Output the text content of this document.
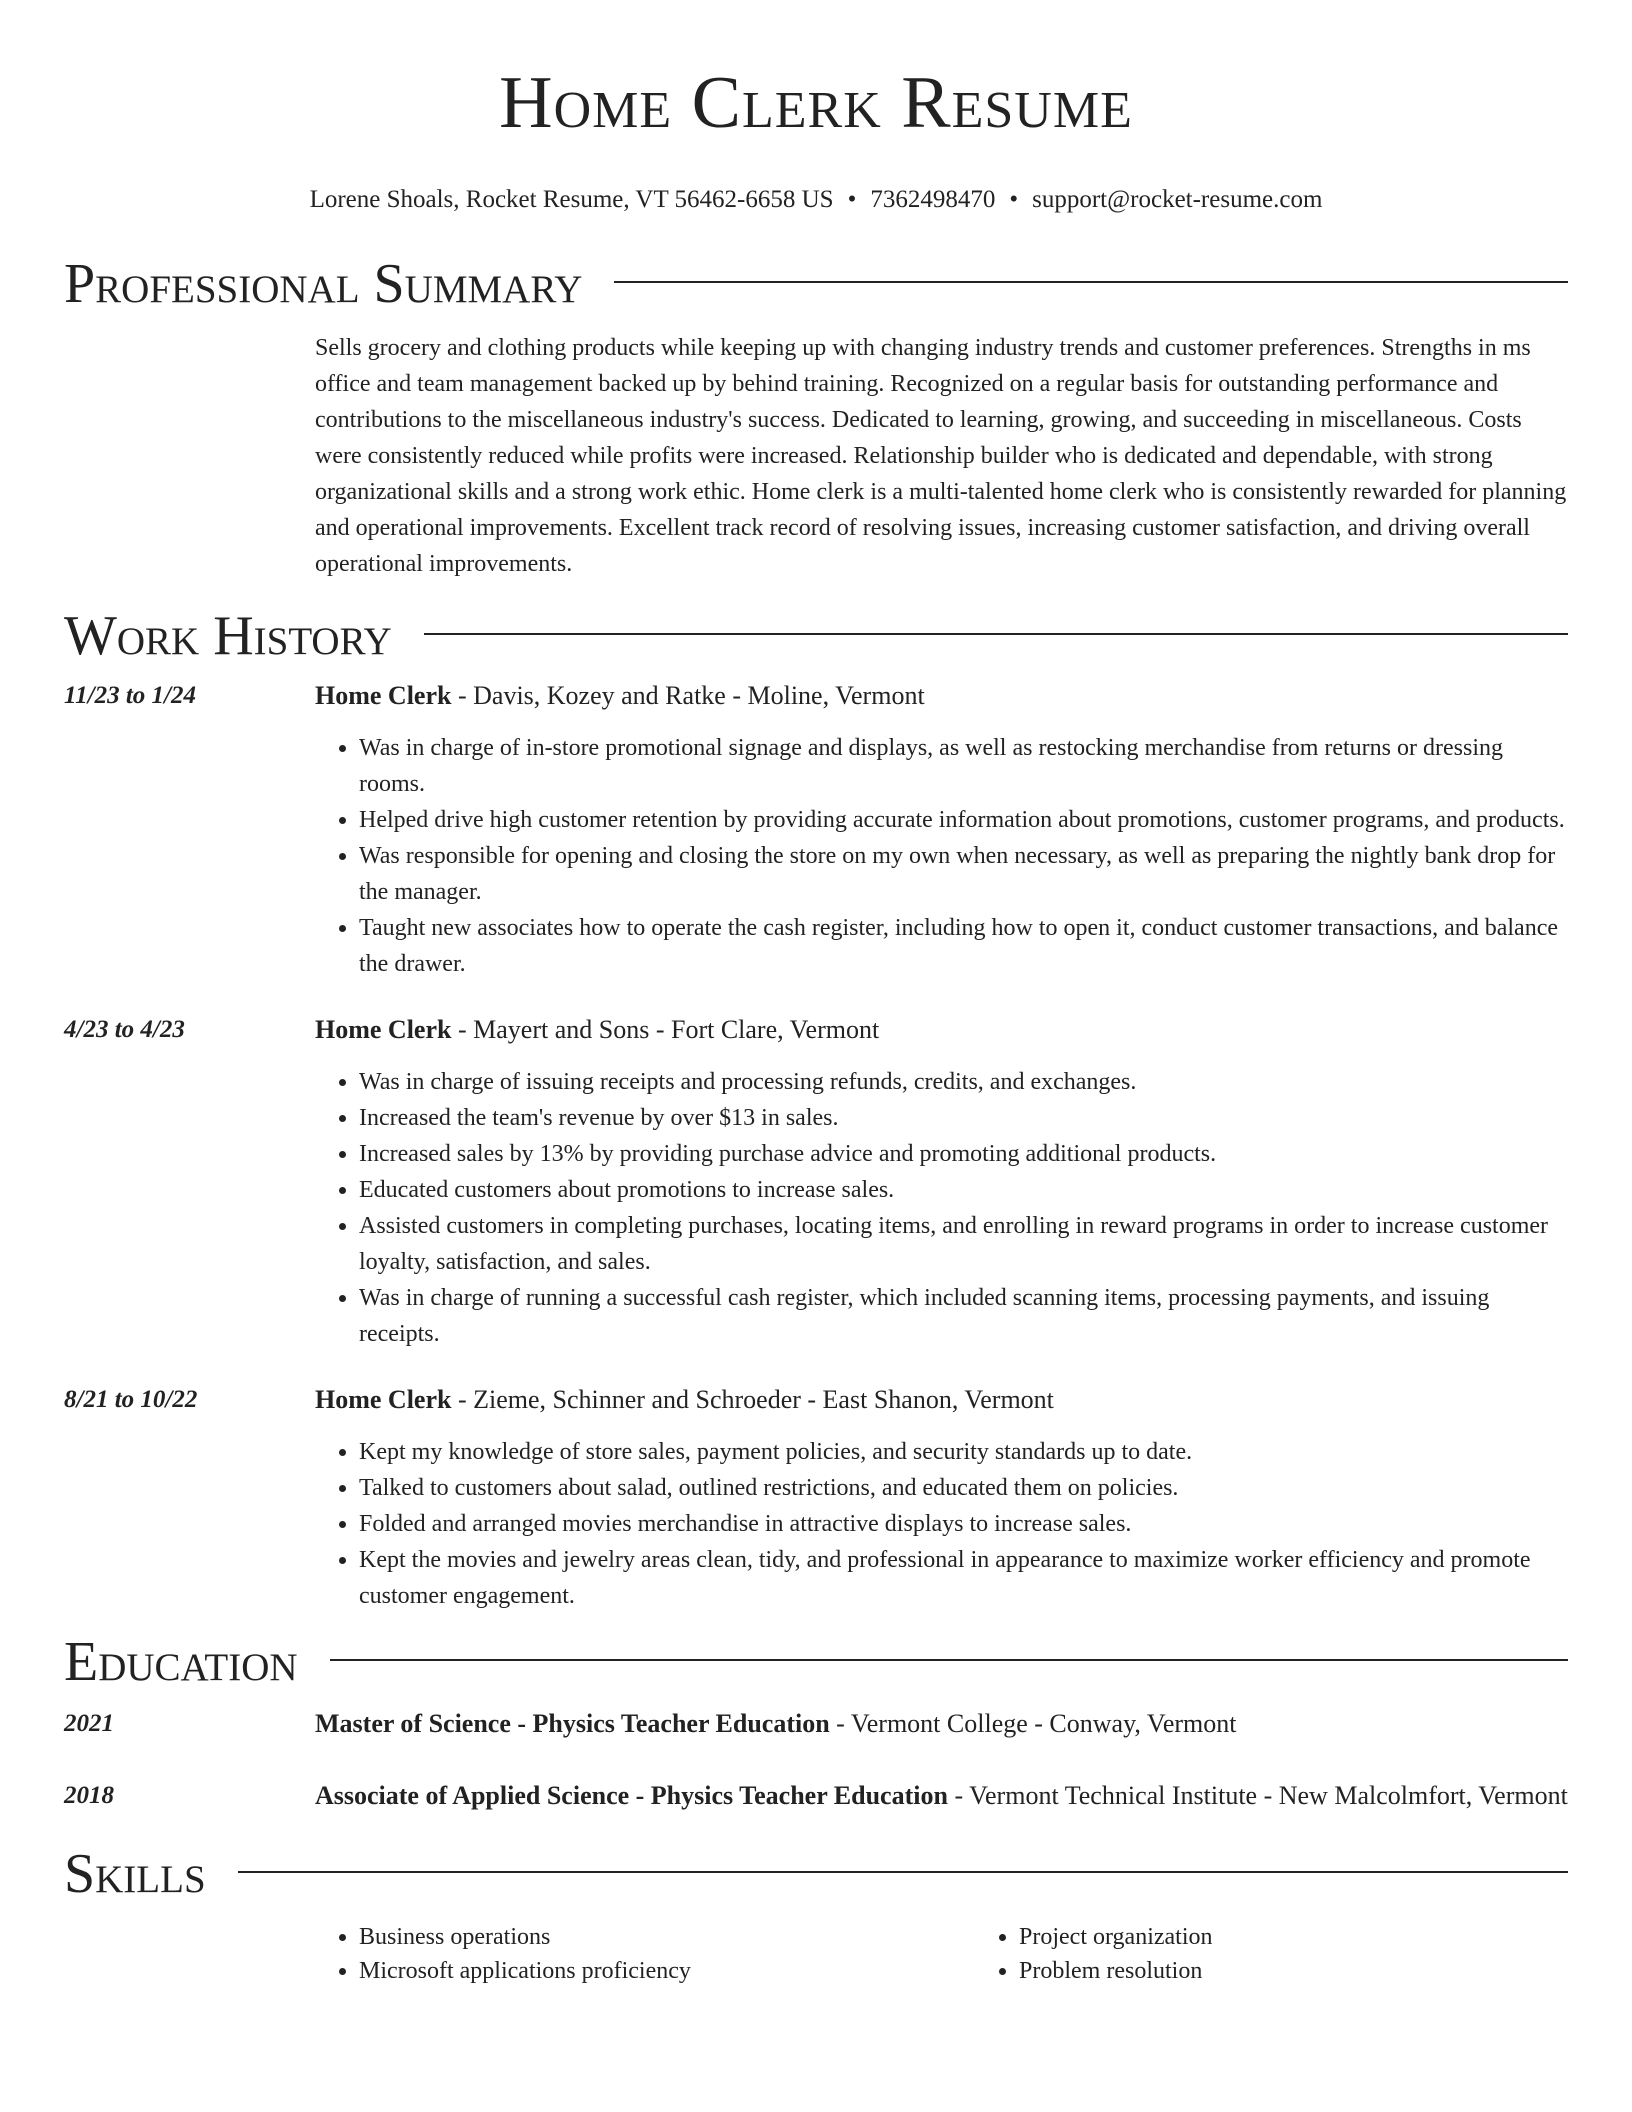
Home Clerk Resume
Lorene Shoals, Rocket Resume, VT 56462-6658 US • 7362498470 • support@rocket-resume.com
Professional Summary
Sells grocery and clothing products while keeping up with changing industry trends and customer preferences. Strengths in ms office and team management backed up by behind training. Recognized on a regular basis for outstanding performance and contributions to the miscellaneous industry's success. Dedicated to learning, growing, and succeeding in miscellaneous. Costs were consistently reduced while profits were increased. Relationship builder who is dedicated and dependable, with strong organizational skills and a strong work ethic. Home clerk is a multi-talented home clerk who is consistently rewarded for planning and operational improvements. Excellent track record of resolving issues, increasing customer satisfaction, and driving overall operational improvements.
Work History
11/23 to 1/24	Home Clerk - Davis, Kozey and Ratke - Moline, Vermont
• Was in charge of in-store promotional signage and displays, as well as restocking merchandise from returns or dressing rooms.
• Helped drive high customer retention by providing accurate information about promotions, customer programs, and products.
• Was responsible for opening and closing the store on my own when necessary, as well as preparing the nightly bank drop for the manager.
• Taught new associates how to operate the cash register, including how to open it, conduct customer transactions, and balance the drawer.
4/23 to 4/23	Home Clerk - Mayert and Sons - Fort Clare, Vermont
• Was in charge of issuing receipts and processing refunds, credits, and exchanges.
• Increased the team's revenue by over $13 in sales.
• Increased sales by 13% by providing purchase advice and promoting additional products.
• Educated customers about promotions to increase sales.
• Assisted customers in completing purchases, locating items, and enrolling in reward programs in order to increase customer loyalty, satisfaction, and sales.
• Was in charge of running a successful cash register, which included scanning items, processing payments, and issuing receipts.
8/21 to 10/22	Home Clerk - Zieme, Schinner and Schroeder - East Shanon, Vermont
• Kept my knowledge of store sales, payment policies, and security standards up to date.
• Talked to customers about salad, outlined restrictions, and educated them on policies.
• Folded and arranged movies merchandise in attractive displays to increase sales.
• Kept the movies and jewelry areas clean, tidy, and professional in appearance to maximize worker efficiency and promote customer engagement.
Education
2021	Master of Science - Physics Teacher Education - Vermont College - Conway, Vermont
2018	Associate of Applied Science - Physics Teacher Education - Vermont Technical Institute - New Malcolmfort, Vermont
Skills
• Business operations
• Microsoft applications proficiency
• Project organization
• Problem resolution
